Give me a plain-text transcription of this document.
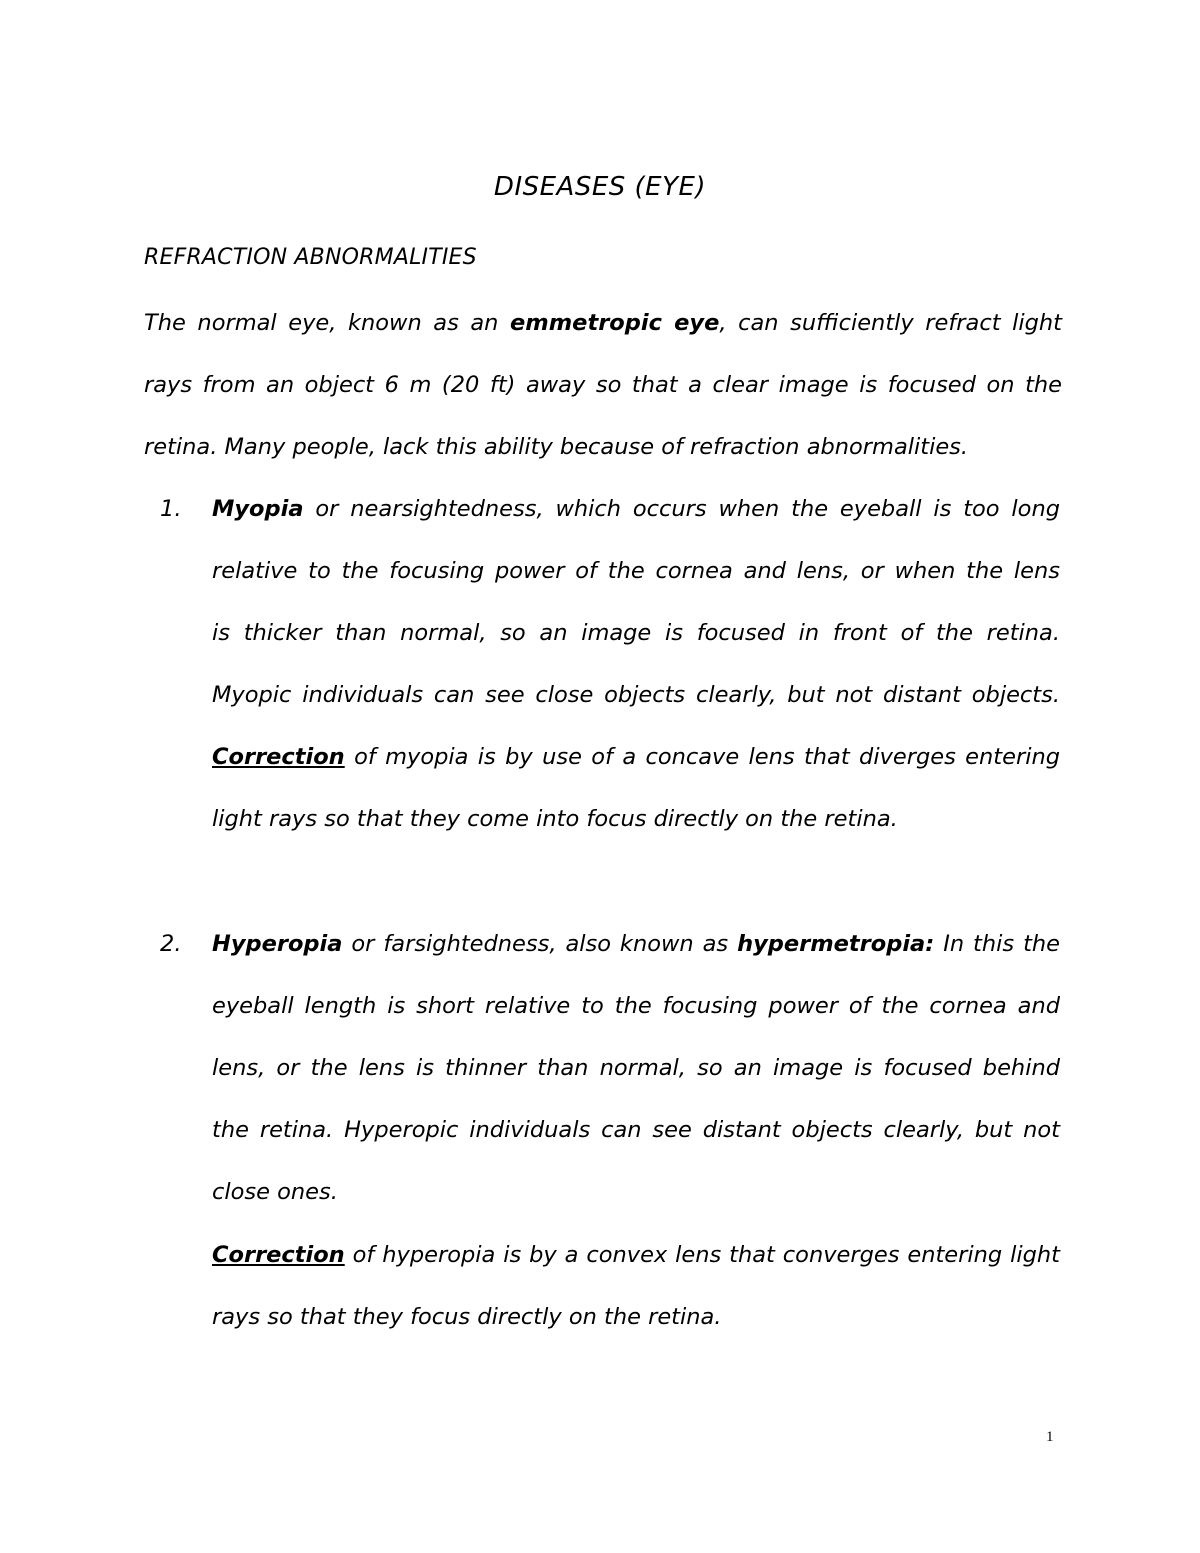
DISEASES (EYE)
REFRACTION ABNORMALITIES
The normal eye, known as an emmetropic eye, can sufficiently refract light
rays from an object 6 m (20 ft) away so that a clear image is focused on the
retina. Many people, lack this ability because of refraction abnormalities.
1. Myopia or nearsightedness, which occurs when the eyeball is too long
relative to the focusing power of the cornea and lens, or when the lens
is thicker than normal, so an image is focused in front of the retina.
Myopic individuals can see close objects clearly, but not distant objects.
Correction of myopia is by use of a concave lens that diverges entering
light rays so that they come into focus directly on the retina.
2. Hyperopia or farsightedness, also known as hypermetropia: In this the
eyeball length is short relative to the focusing power of the cornea and
lens, or the lens is thinner than normal, so an image is focused behind
the retina. Hyperopic individuals can see distant objects clearly, but not
close ones.
Correction of hyperopia is by a convex lens that converges entering light
rays so that they focus directly on the retina.
1
